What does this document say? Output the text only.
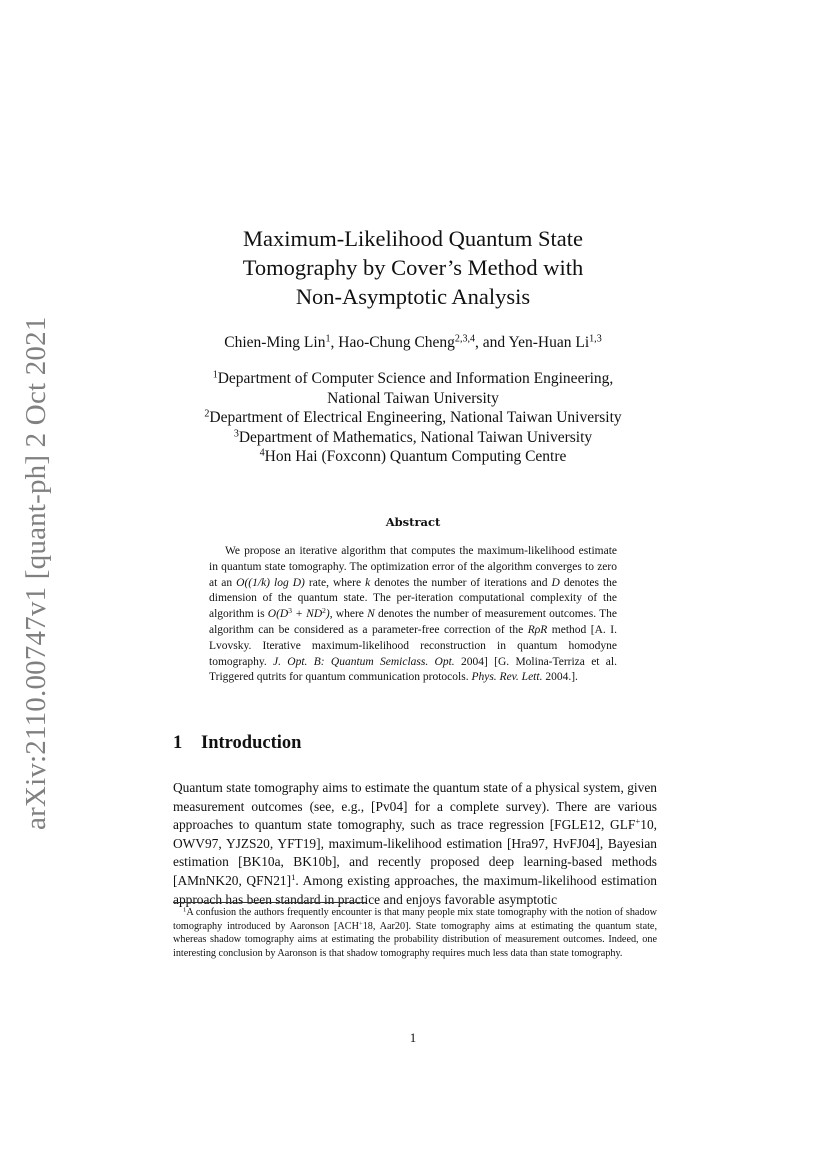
arXiv:2110.00747v1 [quant-ph] 2 Oct 2021
Maximum-Likelihood Quantum State
Tomography by Cover’s Method with
Non-Asymptotic Analysis
Chien-Ming Lin$^1$, Hao-Chung Cheng$^{2,3,4}$, and Yen-Huan Li$^{1,3}$
$^1$Department of Computer Science and Information Engineering,
National Taiwan University
$^2$Department of Electrical Engineering, National Taiwan University
$^3$Department of Mathematics, National Taiwan University
$^4$Hon Hai (Foxconn) Quantum Computing Centre
Abstract
We propose an iterative algorithm that computes the maximum-likelihood estimate in quantum state tomography. The optimization error of the algorithm converges to zero at an O((1/k) log D) rate, where k denotes the number of iterations and D denotes the dimension of the quantum state. The per-iteration computational complexity of the algorithm is $O(D^3 + ND^2)$, where N denotes the number of measurement outcomes. The algorithm can be considered as a parameter-free correction of the RρR method [A. I. Lvovsky. Iterative maximum-likelihood reconstruction in quantum homodyne tomography. J. Opt. B: Quantum Semiclass. Opt. 2004] [G. Molina-Terriza et al. Triggered qutrits for quantum communication protocols. Phys. Rev. Lett. 2004.].
1 Introduction
Quantum state tomography aims to estimate the quantum state of a physical system, given measurement outcomes (see, e.g., [Pv04] for a complete survey). There are various approaches to quantum state tomography, such as trace regression [FGLE12, GLF+10, OWV97, YJZS20, YFT19], maximum-likelihood estimation [Hra97, HvFJ04], Bayesian estimation [BK10a, BK10b], and recently proposed deep learning-based methods [AMnNK20, QFN21]$^1$. Among existing approaches, the maximum-likelihood estimation approach has been standard in practice and enjoys favorable asymptotic
$^1$A confusion the authors frequently encounter is that many people mix state tomography with the notion of shadow tomography introduced by Aaronson [ACH+18, Aar20]. State tomography aims at estimating the quantum state, whereas shadow tomography aims at estimating the probability distribution of measurement outcomes. Indeed, one interesting conclusion by Aaronson is that shadow tomography requires much less data than state tomography.
1
